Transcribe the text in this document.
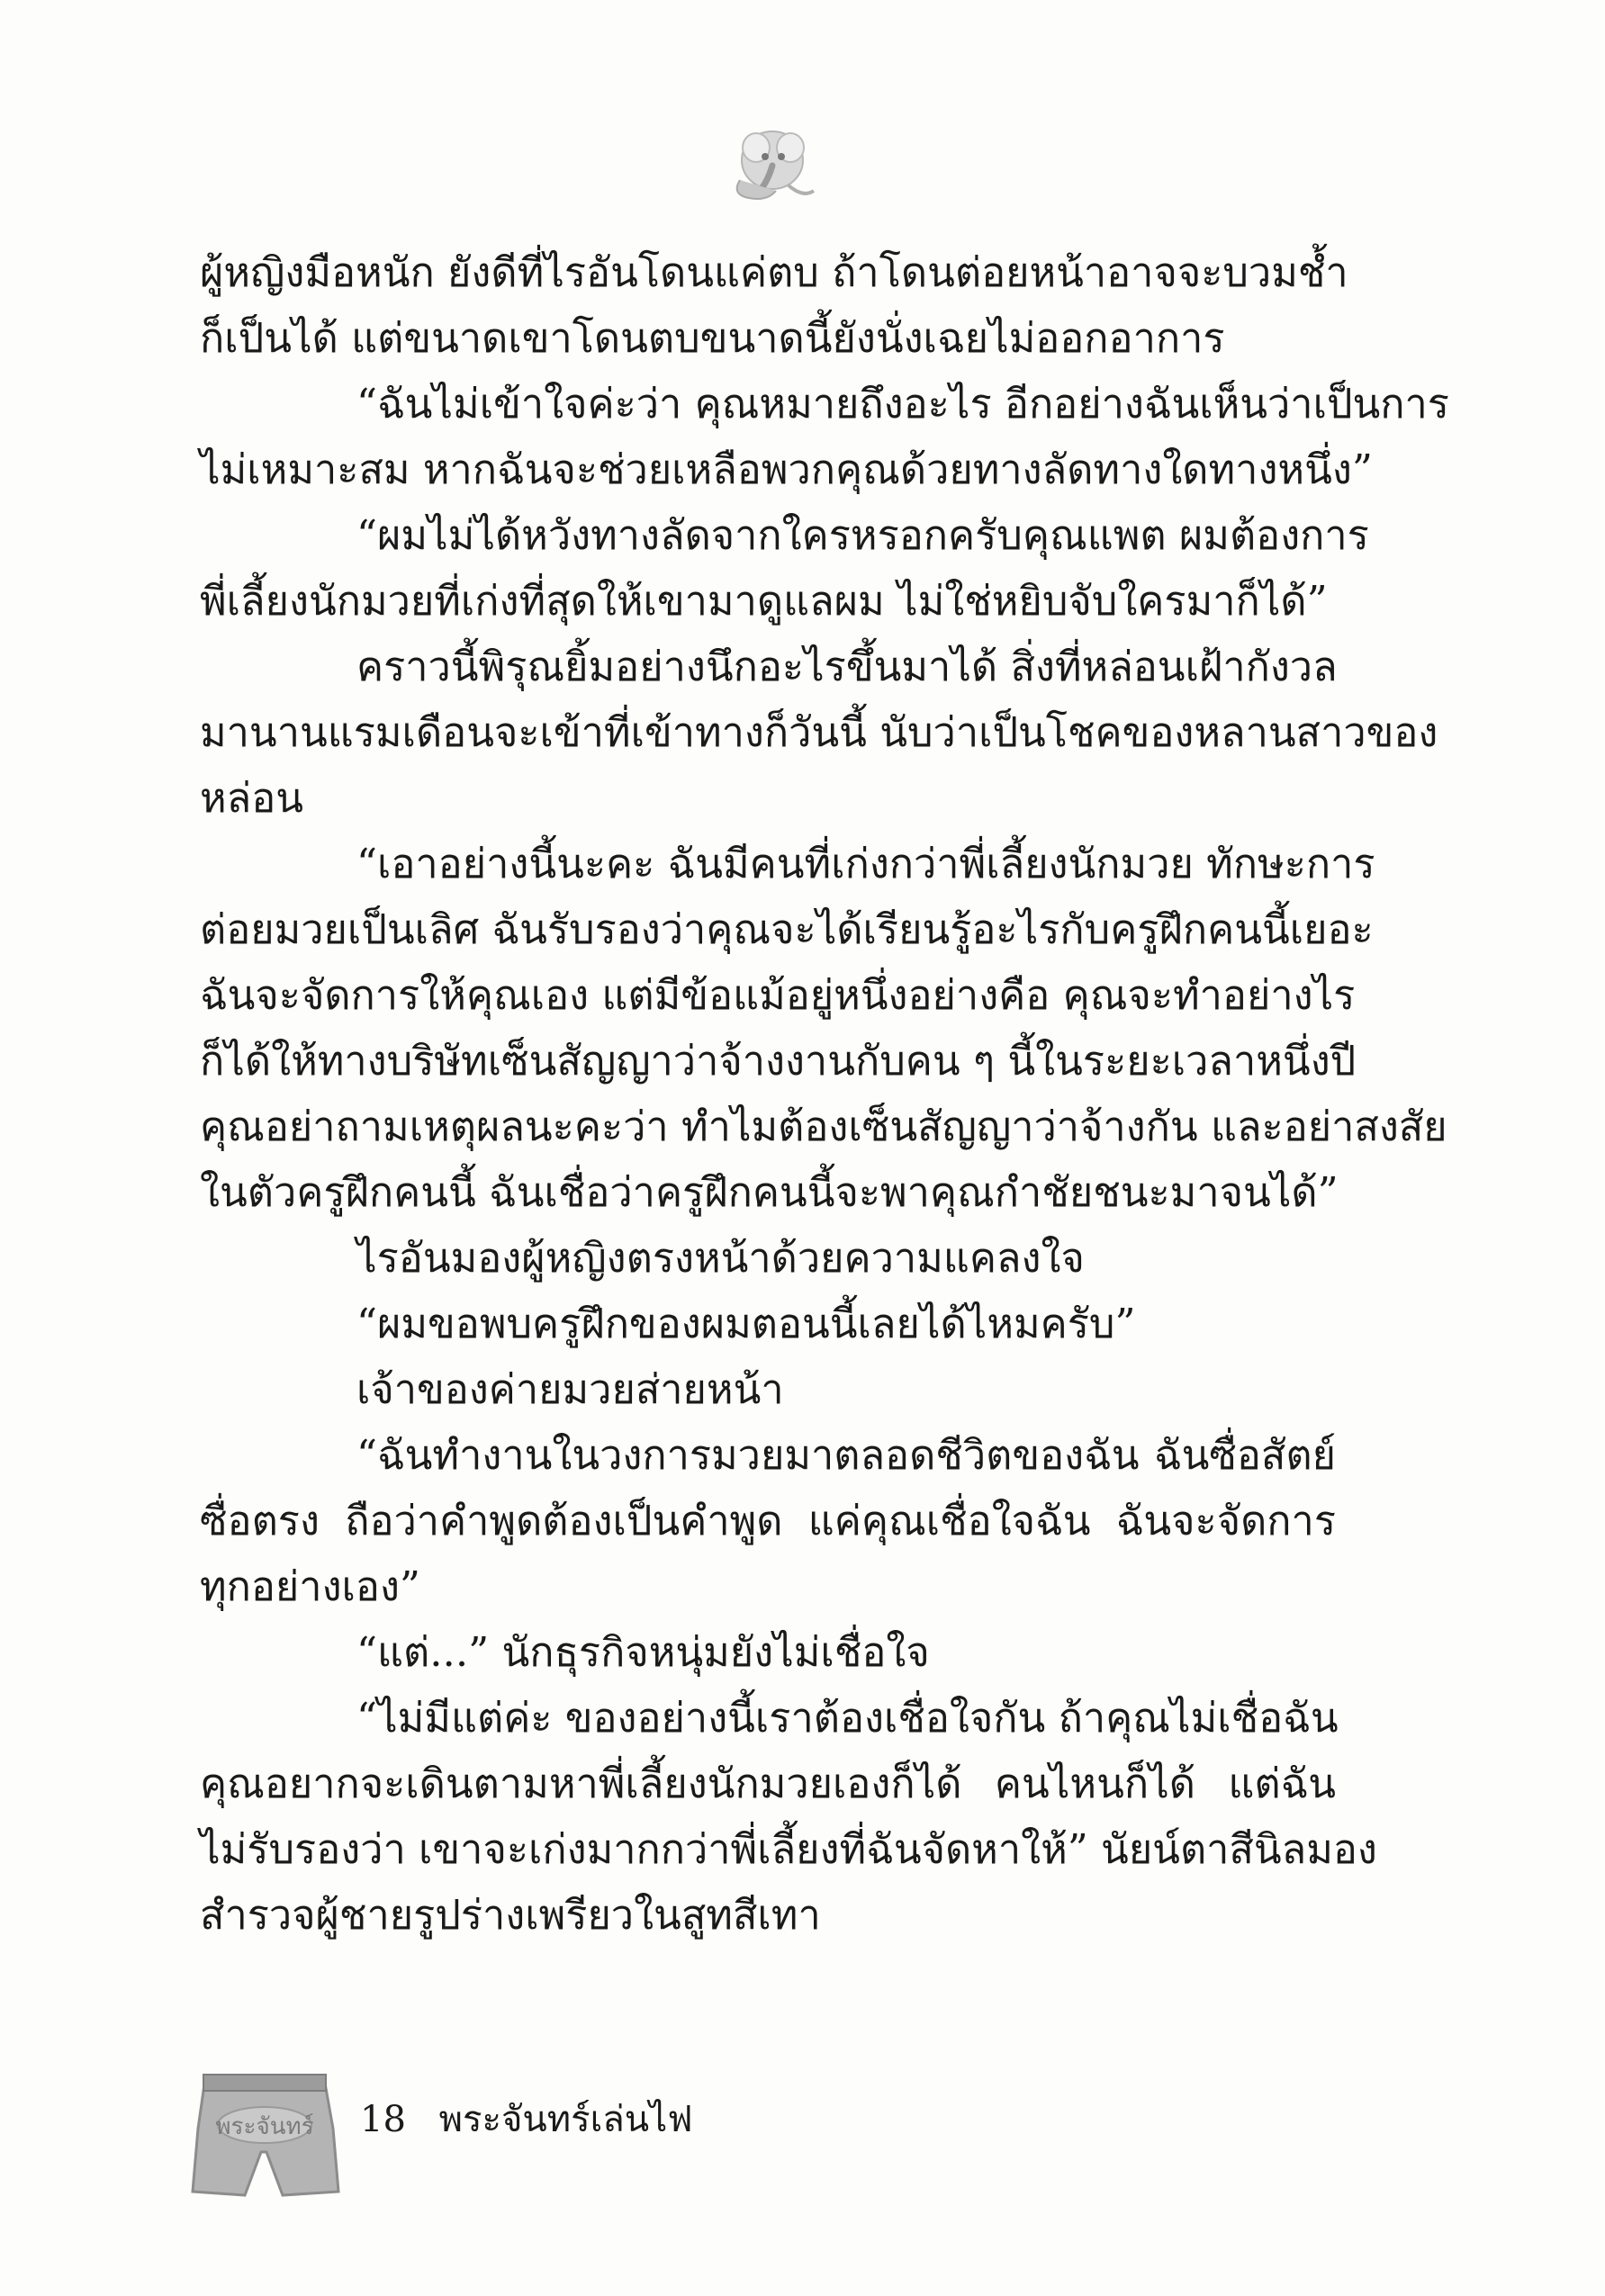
ผู้หญิงมือหนัก ยังดีที่ไรอันโดนแค่ตบ ถ้าโดนต่อยหน้าอาจจะบวมช้ำ
ก็เป็นได้ แต่ขนาดเขาโดนตบขนาดนี้ยังนั่งเฉยไม่ออกอาการ
“ฉันไม่เข้าใจค่ะว่า คุณหมายถึงอะไร อีกอย่างฉันเห็นว่าเป็นการ
ไม่เหมาะสม หากฉันจะช่วยเหลือพวกคุณด้วยทางลัดทางใดทางหนึ่ง”
“ผมไม่ได้หวังทางลัดจากใครหรอกครับคุณแพต ผมต้องการ
พี่เลี้ยงนักมวยที่เก่งที่สุดให้เขามาดูแลผม ไม่ใช่หยิบจับใครมาก็ได้”
คราวนี้พิรุณยิ้มอย่างนึกอะไรขึ้นมาได้ สิ่งที่หล่อนเฝ้ากังวล
มานานแรมเดือนจะเข้าที่เข้าทางก็วันนี้ นับว่าเป็นโชคของหลานสาวของ
หล่อน
“เอาอย่างนี้นะคะ ฉันมีคนที่เก่งกว่าพี่เลี้ยงนักมวย ทักษะการ
ต่อยมวยเป็นเลิศ ฉันรับรองว่าคุณจะได้เรียนรู้อะไรกับครูฝึกคนนี้เยอะ
ฉันจะจัดการให้คุณเอง แต่มีข้อแม้อยู่หนึ่งอย่างคือ คุณจะทำอย่างไร
ก็ได้ให้ทางบริษัทเซ็นสัญญาว่าจ้างงานกับคน ๆ นี้ในระยะเวลาหนึ่งปี
คุณอย่าถามเหตุผลนะคะว่า ทำไมต้องเซ็นสัญญาว่าจ้างกัน และอย่าสงสัย
ในตัวครูฝึกคนนี้ ฉันเชื่อว่าครูฝึกคนนี้จะพาคุณกำชัยชนะมาจนได้”
ไรอันมองผู้หญิงตรงหน้าด้วยความแคลงใจ
“ผมขอพบครูฝึกของผมตอนนี้เลยได้ไหมครับ”
เจ้าของค่ายมวยส่ายหน้า
“ฉันทำงานในวงการมวยมาตลอดชีวิตของฉัน ฉันซื่อสัตย์
ซื่อตรง ถือว่าคำพูดต้องเป็นคำพูด แค่คุณเชื่อใจฉัน ฉันจะจัดการ
ทุกอย่างเอง”
“แต่...” นักธุรกิจหนุ่มยังไม่เชื่อใจ
“ไม่มีแต่ค่ะ ของอย่างนี้เราต้องเชื่อใจกัน ถ้าคุณไม่เชื่อฉัน
คุณอยากจะเดินตามหาพี่เลี้ยงนักมวยเองก็ได้ คนไหนก็ได้ แต่ฉัน
ไม่รับรองว่า เขาจะเก่งมากกว่าพี่เลี้ยงที่ฉันจัดหาให้” นัยน์ตาสีนิลมอง
สำรวจผู้ชายรูปร่างเพรียวในสูทสีเทา
พระจันทร์ 18 พระจันทร์เล่นไฟ
